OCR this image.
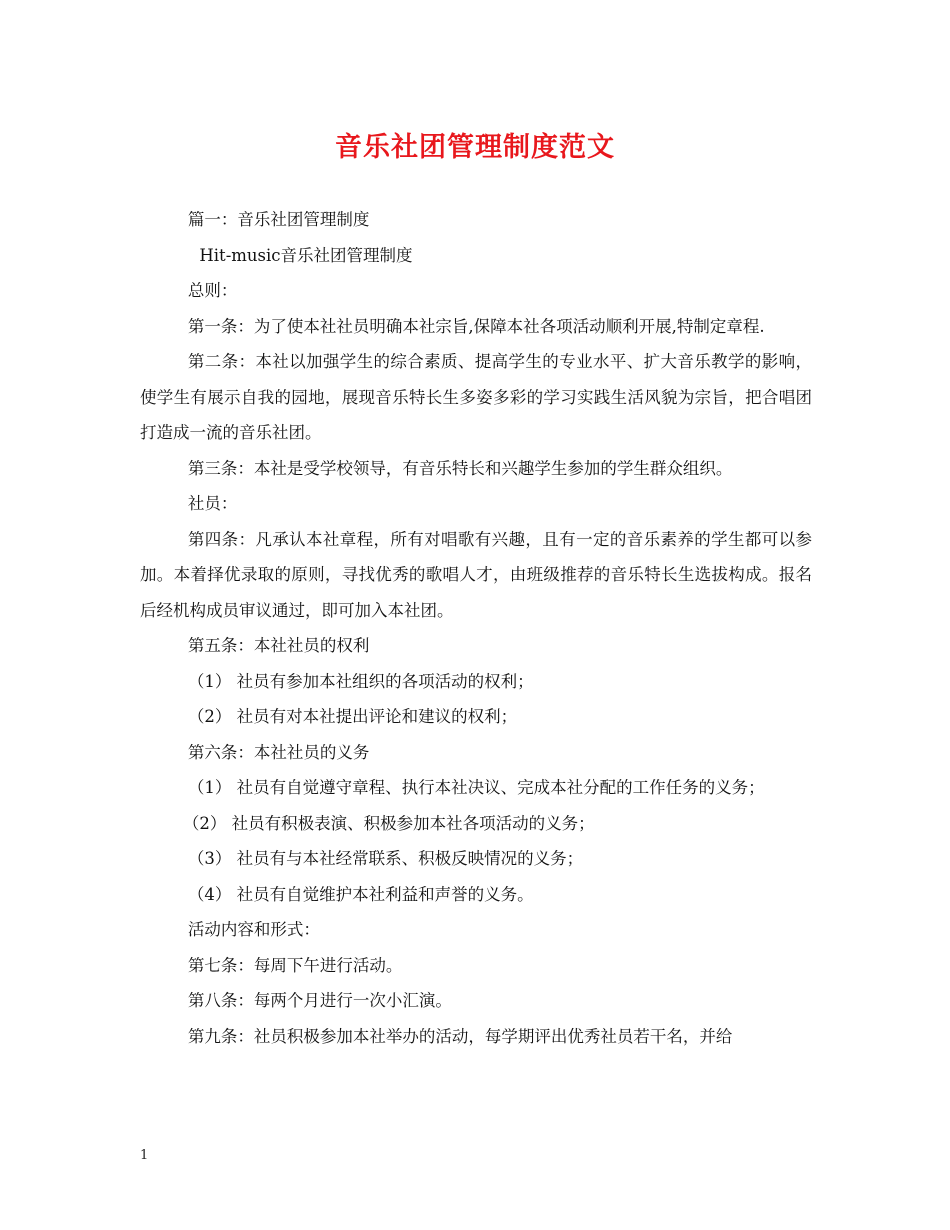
音乐社团管理制度范文

篇一：音乐社团管理制度

Hit-music音乐社团管理制度

总则：

第一条：为了使本社社员明确本社宗旨,保障本社各项活动顺利开展,特制定章程.

第二条：本社以加强学生的综合素质、提高学生的专业水平、扩大音乐教学的影响，使学生有展示自我的园地，展现音乐特长生多姿多彩的学习实践生活风貌为宗旨，把合唱团打造成一流的音乐社团。

第三条：本社是受学校领导，有音乐特长和兴趣学生参加的学生群众组织。

社员：

第四条：凡承认本社章程，所有对唱歌有兴趣，且有一定的音乐素养的学生都可以参加。本着择优录取的原则，寻找优秀的歌唱人才，由班级推荐的音乐特长生选拔构成。报名后经机构成员审议通过，即可加入本社团。

第五条：本社社员的权利

（1） 社员有参加本社组织的各项活动的权利；

（2） 社员有对本社提出评论和建议的权利；

第六条：本社社员的义务

（1） 社员有自觉遵守章程、执行本社决议、完成本社分配的工作任务的义务；

（2） 社员有积极表演、积极参加本社各项活动的义务；

（3） 社员有与本社经常联系、积极反映情况的义务；

（4） 社员有自觉维护本社利益和声誉的义务。

活动内容和形式：

第七条：每周下午进行活动。

第八条：每两个月进行一次小汇演。

第九条：社员积极参加本社举办的活动，每学期评出优秀社员若干名，并给

1
